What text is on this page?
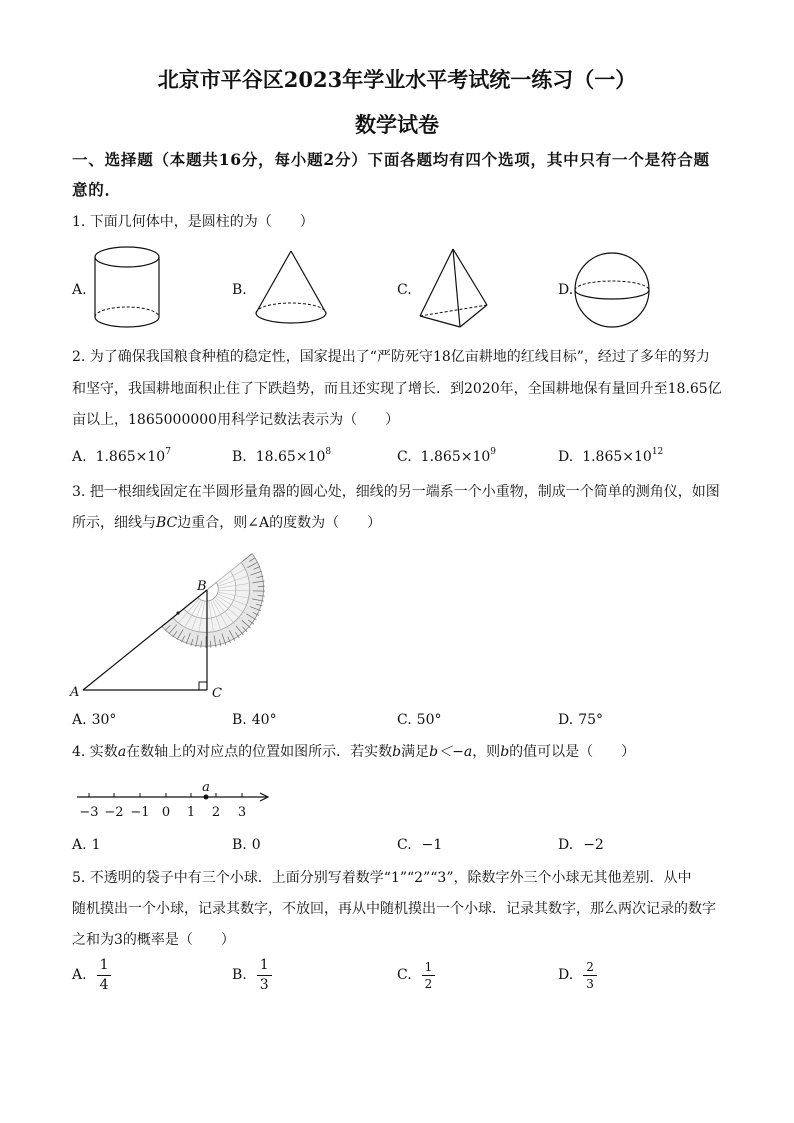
北京市平谷区2023年学业水平考试统一练习（一）
数学试卷
一、选择题（本题共16分，每小题2分）下面各题均有四个选项，其中只有一个是符合题
意的．
1. 下面几何体中，是圆柱的为（　　）
A.	B.	C.	D.
2. 为了确保我国粮食种植的稳定性，国家提出了“严防死守18亿亩耕地的红线目标”，经过了多年的努力
和坚守，我国耕地面积止住了下跌趋势，而且还实现了增长．到2020年，全国耕地保有量回升至18.65亿
亩以上，1865000000用科学记数法表示为（　　）
A. $1.865\times 10^7$	B. $18.65\times 10^8$	C. $1.865\times 10^9$	D. $1.865\times 10^{12}$
3. 把一根细线固定在半圆形量角器的圆心处，细线的另一端系一个小重物，制成一个简单的测角仪，如图
所示，细线与BC边重合，则∠A的度数为（　　）
B
A	C
A. 30°	B. 40°	C. 50°	D. 75°
4. 实数a在数轴上的对应点的位置如图所示．若实数b满足b＜−a，则b的值可以是（　　）
−3 −2 −1 0 1 2 3
a
A. 1	B. 0	C. −1	D. −2
5. 不透明的袋子中有三个小球．上面分别写着数学“1”“2”“3”，除数字外三个小球无其他差别．从中
随机摸出一个小球，记录其数字，不放回，再从中随机摸出一个小球．记录其数字，那么两次记录的数字
之和为3的概率是（　　）
A. $\frac{1}{4}$	B. $\frac{1}{3}$	C. $\frac{1}{2}$	D. $\frac{2}{3}$
